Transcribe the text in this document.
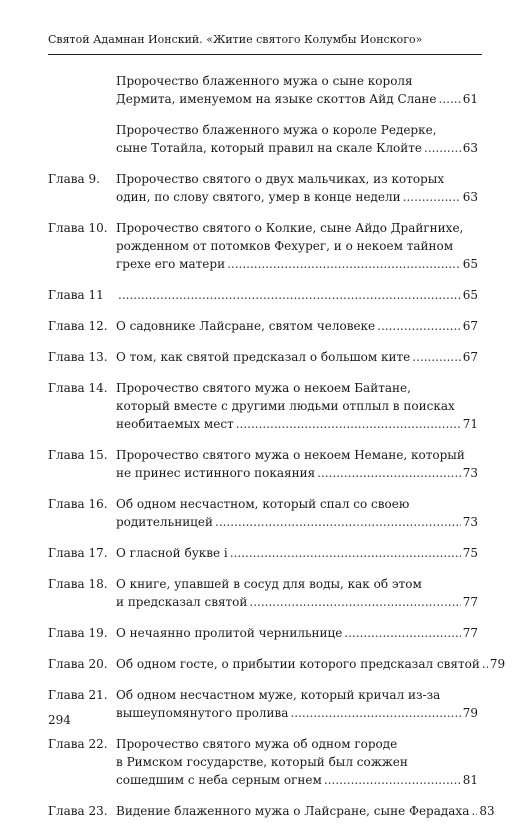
Святой Адамнан Ионский. «Житие святого Колумбы Ионского»
Пророчество блаженного мужа о сыне короля
Дермита, именуемом на языке скоттов Айд Слане ..... 61
Пророчество блаженного мужа о короле Редерке,
сыне Тотайла, который правил на скале Клойте .....	63
Глава 9.	Пророчество святого о двух мальчиках, из которых
один, по слову святого, умер в конце недели .....	63
Глава 10. Пророчество святого о Колкие, сыне Айдо Драйгнихе,
рожденном от потомков Фехурег, и о некоем тайном
грехе его матери .....	65
Глава 11 .....	65
Глава 12. О садовнике Лайсране, святом человеке .....	67
Глава 13. О том, как святой предсказал о большом ките .....	67
Глава 14. Пророчество святого мужа о некоем Байтане,
который вместе с другими людьми отплыл в поисках
необитаемых мест .....	71
Глава 15. Пророчество святого мужа о некоем Немане, который
не принес истинного покаяния .....	73
Глава 16. Об одном несчастном, который спал со своею
родительницей .....	73
Глава 17. О гласной букве i .....	75
Глава 18. О книге, упавшей в сосуд для воды, как об этом
и предсказал святой .....	77
Глава 19. О нечаянно пролитой чернильнице .....	77
Глава 20. Об одном госте, о прибытии которого предсказал святой ..... 79
Глава 21. Об одном несчастном муже, который кричал из-за
вышеупомянутого пролива .....	79
Глава 22. Пророчество святого мужа об одном городе
в Римском государстве, который был сожжен
сошедшим с неба серным огнем .....	81
Глава 23. Видение блаженного мужа о Лайсране, сыне Ферадаха ..... 83
294
